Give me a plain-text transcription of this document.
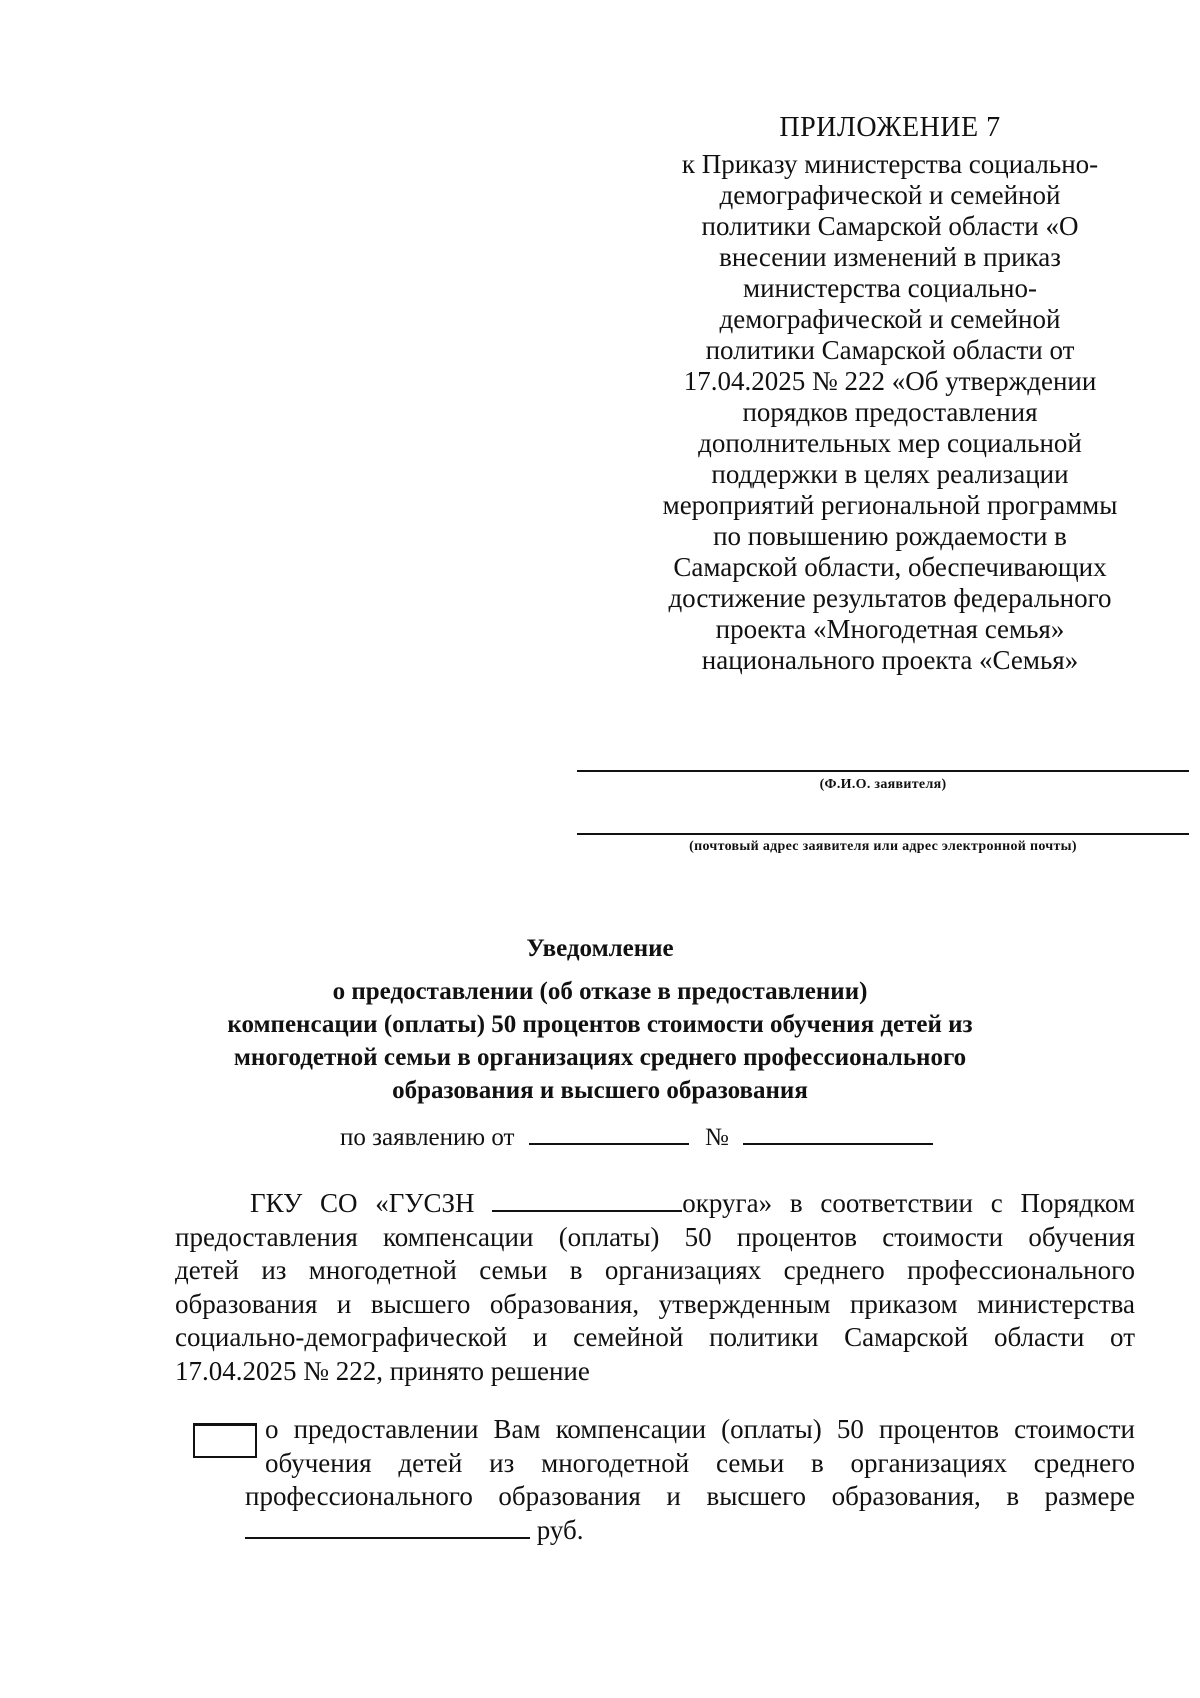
ПРИЛОЖЕНИЕ 7
к Приказу министерства социально-
демографической и семейной
политики Самарской области «О
внесении изменений в приказ
министерства социально-
демографической и семейной
политики Самарской области от
17.04.2025 № 222 «Об утверждении
порядков предоставления
дополнительных мер социальной
поддержки в целях реализации
мероприятий региональной программы
по повышению рождаемости в
Самарской области, обеспечивающих
достижение результатов федерального
проекта «Многодетная семья»
национального проекта «Семья»
(Ф.И.О. заявителя)
(почтовый адрес заявителя или адрес электронной почты)
Уведомление
о предоставлении (об отказе в предоставлении)
компенсации (оплаты) 50 процентов стоимости обучения детей из
многодетной семьи в организациях среднего профессионального
образования и высшего образования
по заявлению от	№
ГКУ СО «ГУСЗН	округа» в соответствии с Порядком
предоставления компенсации (оплаты) 50 процентов стоимости обучения
детей из многодетной семьи в организациях среднего профессионального
образования и высшего образования, утвержденным приказом министерства
социально-демографической и семейной политики Самарской области от
17.04.2025 № 222, принято решение
о предоставлении Вам компенсации (оплаты) 50 процентов стоимости
обучения детей из многодетной семьи в организациях среднего
профессионального образования и высшего образования, в размере
руб.
